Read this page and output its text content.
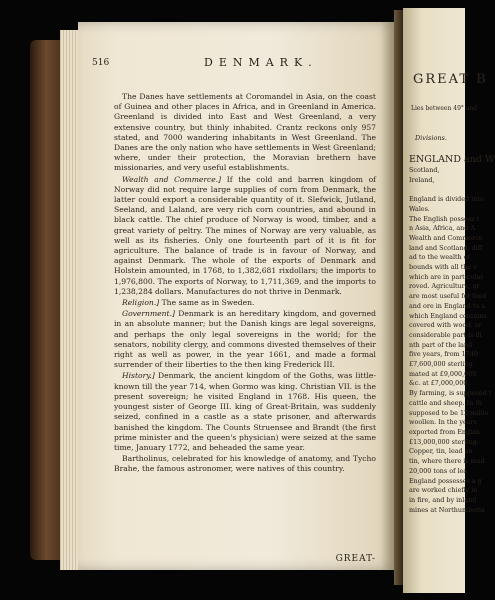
516	DENMARK.

The Danes have settlements at Coromandel in Asia, on the coast of Guinea and other places in Africa, and in Greenland in America. Greenland is divided into East and West Greenland, a very extensive country, but thinly inhabited. Crantz reckons only 957 stated, and 7000 wandering inhabitants in West Greenland. The Danes are the only nation who have settlements in West Greenland; where, under their protection, the Moravian brethern have missionaries, and very useful establishments.

Wealth and Commerce.] If the cold and barren kingdom of Norway did not require large supplies of corn from Denmark, the latter could export a considerable quantity of it. Slefwick, Jutland, Seeland, and Laland, are very rich corn countries, and abound in black cattle. The chief produce of Norway is wood, timber, and a great variety of peltry. The mines of Norway are very valuable, as well as its fisheries. Only one fourteenth part of it is fit for agriculture. The balance of trade is in favour of Norway, and against Denmark. The whole of the exports of Denmark and Holstein amounted, in 1768, to 1,382,681 rixdollars; the imports to 1,976,800. The exports of Norway, to 1,711,369, and the imports to 1,238,284 dollars. Manufactures do not thrive in Denmark.

Religion.] The same as in Sweden.

Government.] Denmark is an hereditary kingdom, and governed in an absolute manner; but the Danish kings are legal sovereigns, and perhaps the only legal sovereigns in the world; for the senators, nobility clergy, and commons divested themselves of their right as well as power, in the year 1661, and made a formal surrender of their liberties to the then king Frederick III.

History.] Denmark, the ancient kingdom of the Goths, was little-known till the year 714, when Gormo was king. Christian VII. is the present sovereign; he visited England in 1768. His queen, the youngest sister of George III. king of Great-Britain, was suddenly seized, confined in a castle as a state prisoner, and afterwards banished the kingdom. The Counts Struensee and Brandt (the first prime minister and the queen's physician) were seized at the same time, January 1772, and beheaded the same year.

Bartholinus, celebrated for his knowledge of anatomy, and Tycho Brahe, the famous astronomer, were natives of this country.

GREAT-
GREAT B
Lies between 49° and
Divisions.
ENGLAND and W
Scotland,
Ireland,

England is divided into
Wales.
The English possess t
n Asia, Africa, and A
Wealth and Commerce
land and Scotland, diff
ad to the wealth of
bounds with all the v
which are in particular
roved. Agriculture, gr
are most useful for feed
and ore in England to a
which England contains
covered with wood, or
considerable part is ill
nth part of the land
five years, from 1749
£7,600,000 sterling.
mated at £9,000,000
&c. at £7,000,000.
By farming, is supposed t
cattle and sheep. In th
supposed to be 12 millio
woollen. In the years
exported from Englan
£13,000,000 sterling.
Copper, tin, lead an
tin, where there is mad
20,000 tons of lea
England possesses a g
are worked chiefly in
in fire, and by inland
mines at Northumberla
